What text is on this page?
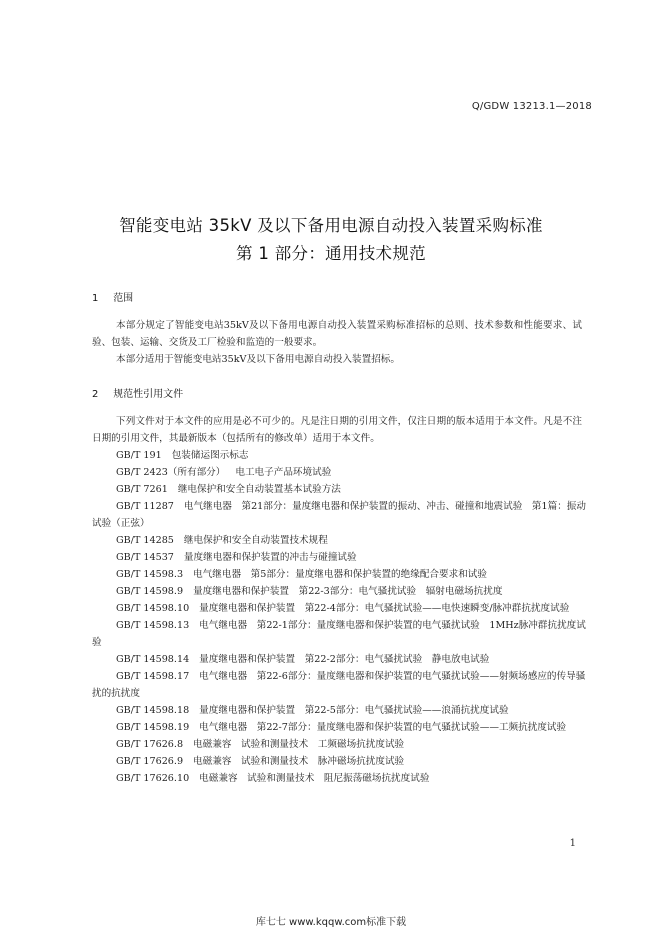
Q/GDW 13213.1—2018
智能变电站 35kV 及以下备用电源自动投入装置采购标准
第 1 部分：通用技术规范
1 范围

本部分规定了智能变电站35kV及以下备用电源自动投入装置采购标准招标的总则、技术参数和性能要求、试验、包装、运输、交货及工厂检验和监造的一般要求。

本部分适用于智能变电站35kV及以下备用电源自动投入装置招标。

2 规范性引用文件

下列文件对于本文件的应用是必不可少的。凡是注日期的引用文件，仅注日期的版本适用于本文件。凡是不注日期的引用文件，其最新版本（包括所有的修改单）适用于本文件。

GB/T 191 包装储运图示标志
GB/T 2423（所有部分） 电工电子产品环境试验
GB/T 7261 继电保护和安全自动装置基本试验方法
GB/T 11287 电气继电器　第21部分：量度继电器和保护装置的振动、冲击、碰撞和地震试验　第1篇：振动试验（正弦）
GB/T 14285 继电保护和安全自动装置技术规程
GB/T 14537 量度继电器和保护装置的冲击与碰撞试验
GB/T 14598.3 电气继电器　第5部分：量度继电器和保护装置的绝缘配合要求和试验
GB/T 14598.9 量度继电器和保护装置　第22-3部分：电气骚扰试验　辐射电磁场抗扰度
GB/T 14598.10 量度继电器和保护装置　第22-4部分：电气骚扰试验——电快速瞬变/脉冲群抗扰度试验
GB/T 14598.13 电气继电器　第22-1部分：量度继电器和保护装置的电气骚扰试验　1MHz脉冲群抗扰度试验
GB/T 14598.14 量度继电器和保护装置　第22-2部分：电气骚扰试验　静电放电试验
GB/T 14598.17 电气继电器　第22-6部分：量度继电器和保护装置的电气骚扰试验——射频场感应的传导骚扰的抗扰度
GB/T 14598.18 量度继电器和保护装置　第22-5部分：电气骚扰试验——浪涌抗扰度试验
GB/T 14598.19 电气继电器　第22-7部分：量度继电器和保护装置的电气骚扰试验——工频抗扰度试验
GB/T 17626.8 电磁兼容　试验和测量技术　工频磁场抗扰度试验
GB/T 17626.9 电磁兼容　试验和测量技术　脉冲磁场抗扰度试验
GB/T 17626.10 电磁兼容　试验和测量技术　阻尼振荡磁场抗扰度试验
1
库七七 www.kqqw.com标准下载
